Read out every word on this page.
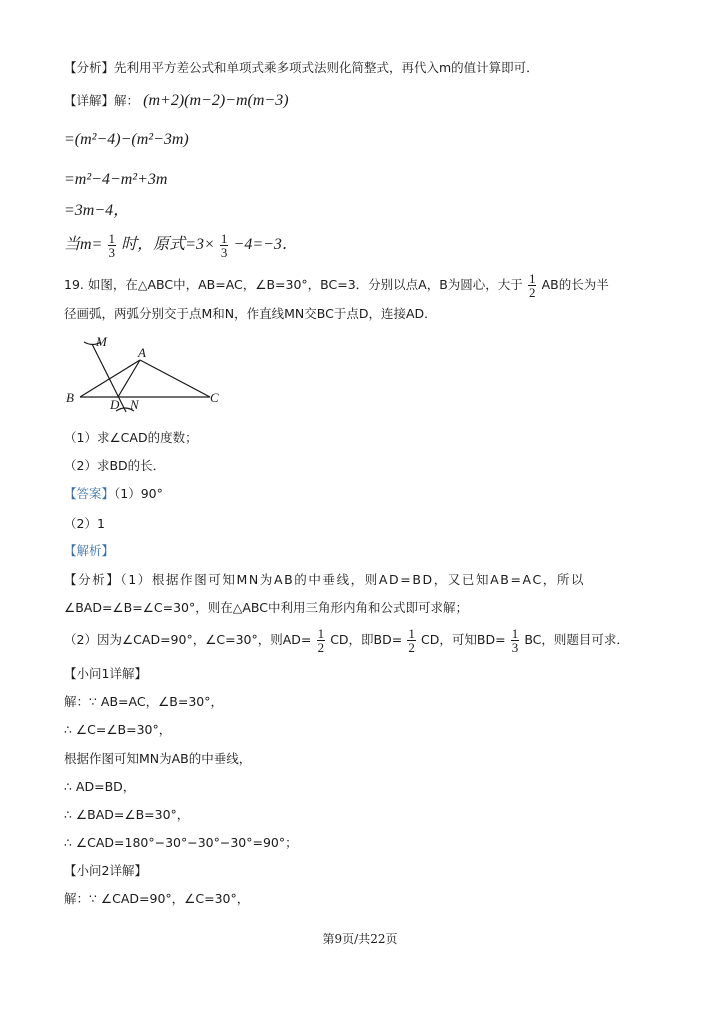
【分析】先利用平方差公式和单项式乘多项式法则化简整式，再代入m的值计算即可．
【详解】解： (m+2)(m−2)−m(m−3)
=(m²−4)−(m²−3m)
=m²−4−m²+3m
=3m−4，
当$m= \frac{1}{3}$ 时，原式$=3\times \frac{1}{3} -4=-3$．
19. 如图，在△ABC中，AB=AC，∠B=30°，BC=3．分别以点A，B为圆心，大于 $\frac{1}{2}$ AB的长为半
径画弧，两弧分别交于点M和N，作直线MN交BC于点D，连接AD．
M
A
B	C
D N
（1）求∠CAD的度数；
（2）求BD的长．
【答案】（1）90°
（2）1
【解析】
【分析】（1）根据作图可知MN为AB的中垂线，则AD=BD，又已知AB=AC，所以
∠BAD=∠B=∠C=30°，则在△ABC中利用三角形内角和公式即可求解；
（2）因为∠CAD=90°，∠C=30°，则$AD= \frac{1}{2}$ CD，即$BD= \frac{1}{2}$ CD，可知$BD= \frac{1}{3}$ BC，则题目可求．
【小问1详解】
解：∵ AB=AC，∠B=30°，
∴ ∠C=∠B=30°，
根据作图可知MN为AB的中垂线，
∴ AD=BD，
∴ ∠BAD=∠B=30°，
∴ ∠CAD=180°−30°−30°−30°=90°；
【小问2详解】
解：∵ ∠CAD=90°，∠C=30°，
第9页/共22页
